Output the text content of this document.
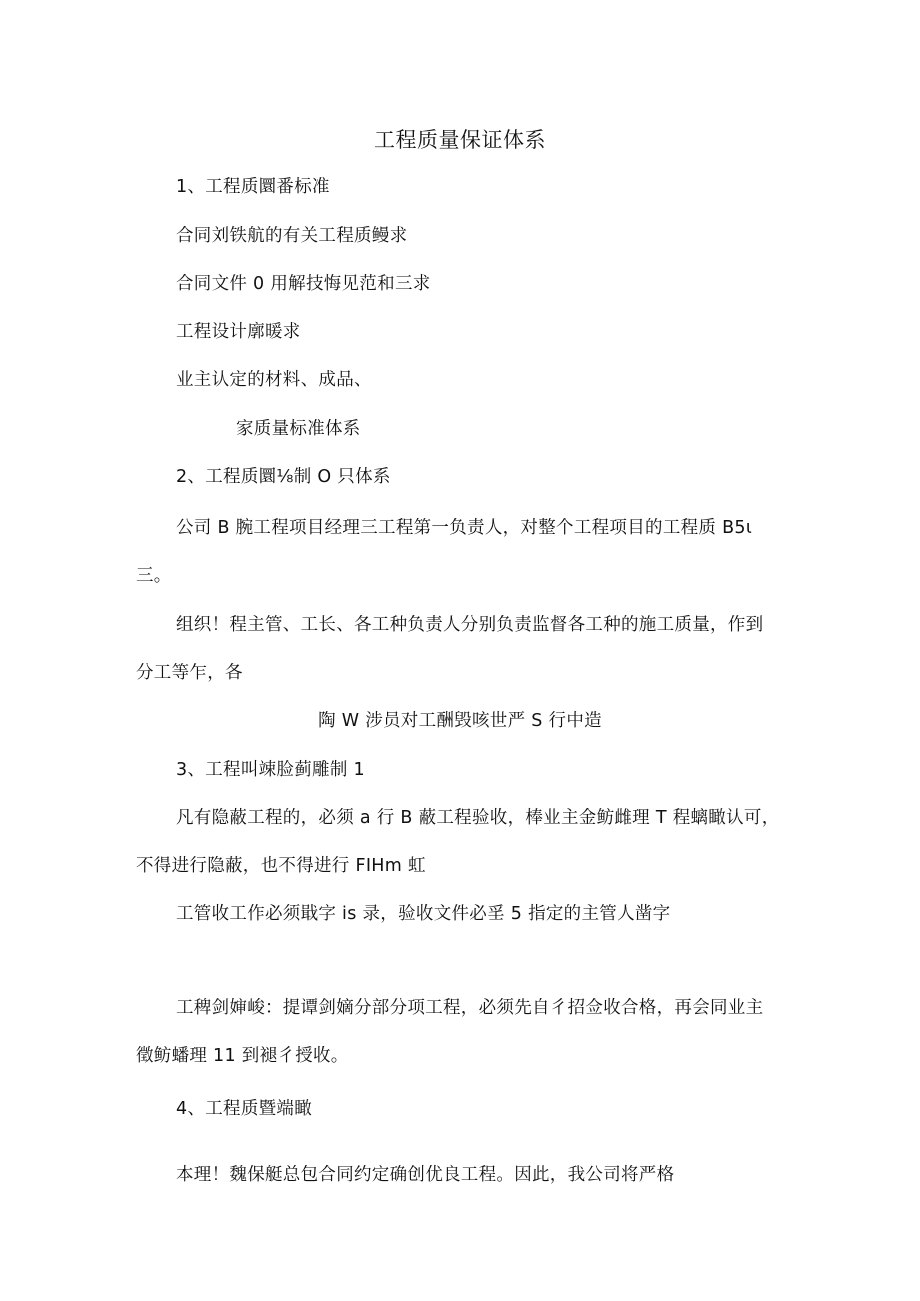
工程质量保证体系

1、工程质圜番标准

合同刘铁航的有关工程质鳗求

合同文件 0 用解技悔见范和三求

工程设计廓暖求

业主认定的材料、成品、

家质量标准体系

2、工程质圜⅛制 O 只体系

公司 B 腕工程项目经理三工程第一负责人，对整个工程项目的工程质 B5ι

三。

组织！程主管、工长、各工种负责人分别负责监督各工种的施工质量，作到

分工等乍，各

陶 W 涉员对工酬毁咳世严 S 行中造

3、工程叫竦脸蓟雕制 1

凡有隐蔽工程的，必须 a 行 B 蔽工程验收，棒业主金鲂雌理 T 程螭瞰认可，

不得进行隐蔽，也不得进行 FIHm 虹

工管收工作必须戢字 is 录，验收文件必㸒 5 指定的主管人凿字

工稗剑婶峻：提谭剑嫡分部分项工程，必须先自彳招佥收合格，再会同业主

徵鲂蟠理 11 到褪彳授收。

4、工程质暨端瞰

本理！魏保艇总包合同约定确创优良工程。因此，我公司将严格
